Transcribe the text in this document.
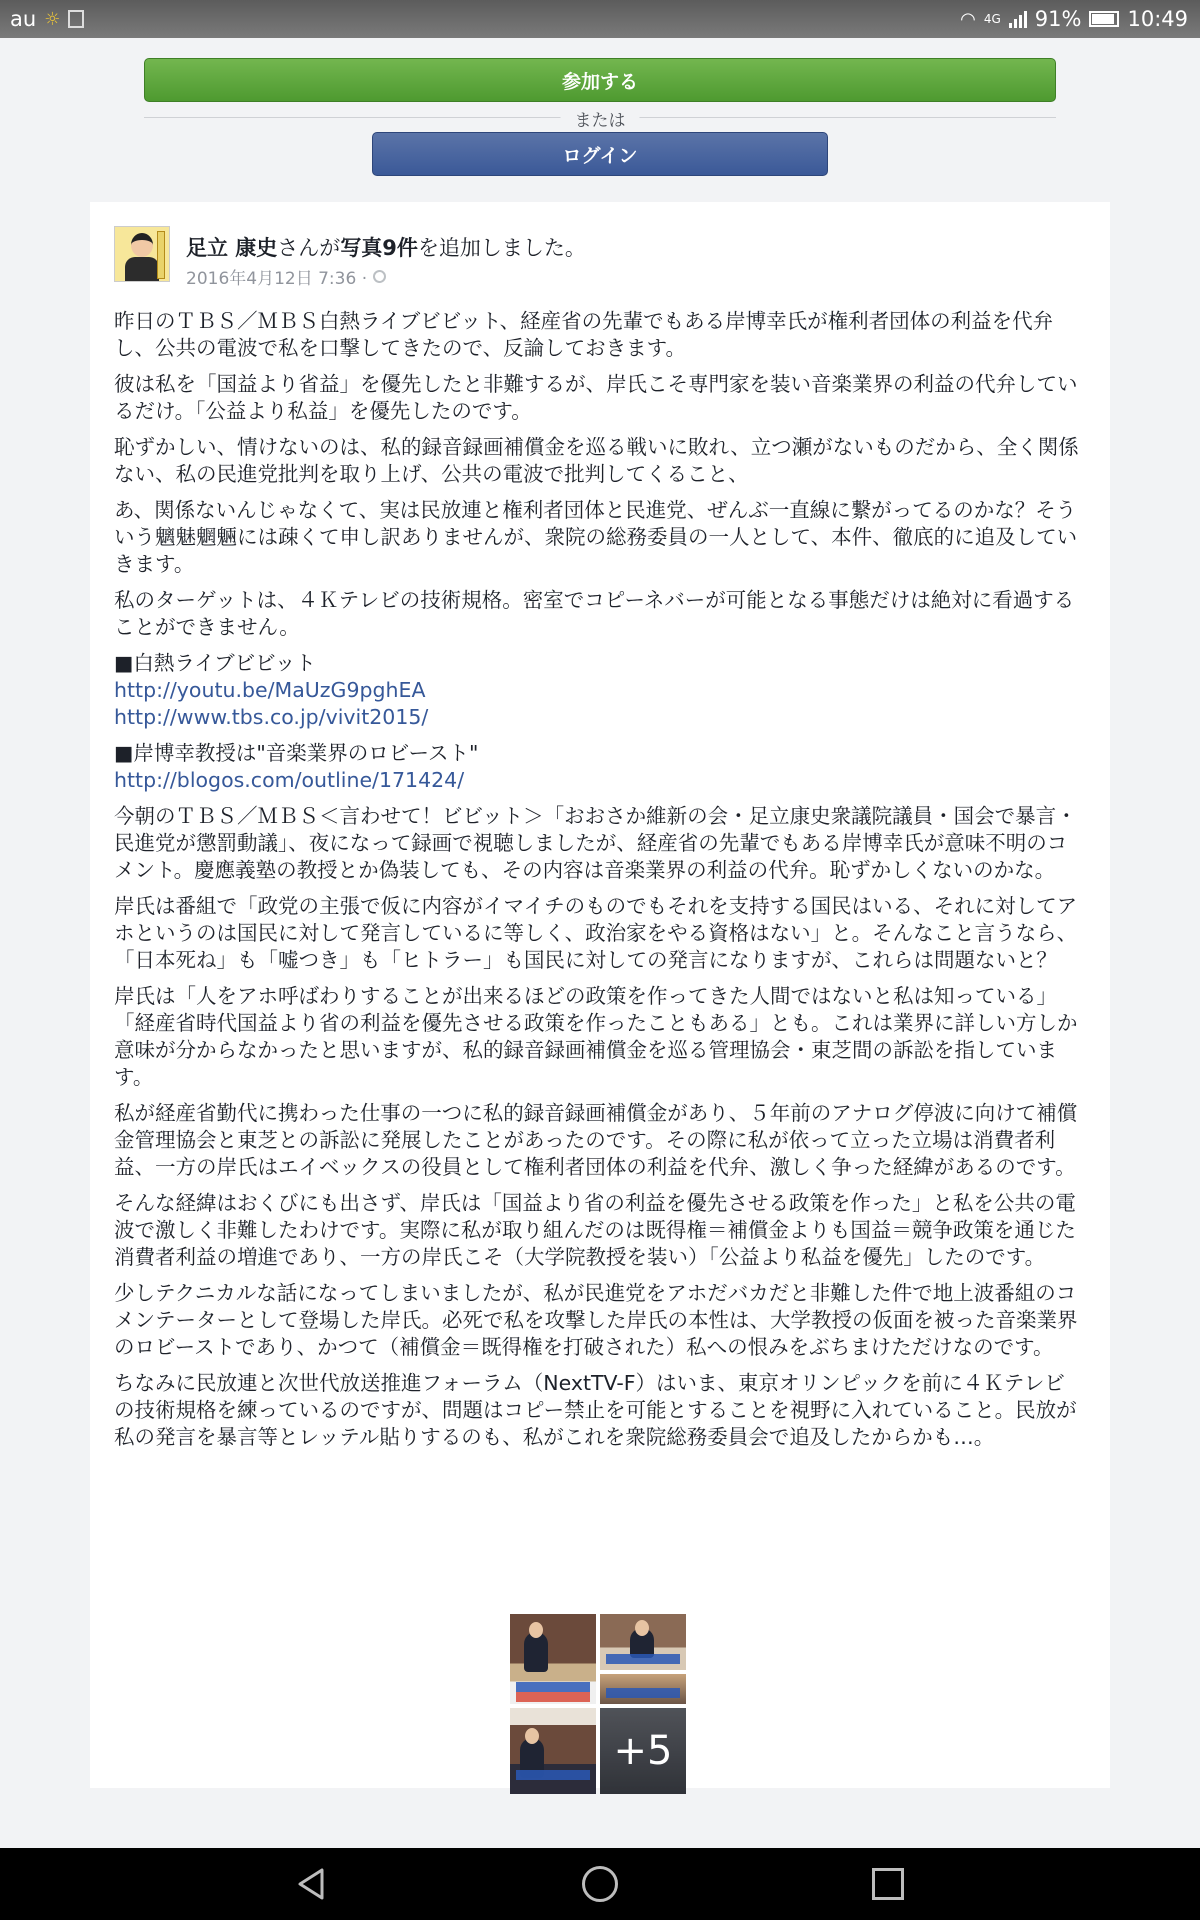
au ☼	◠ 4G 91% 10:49
参加する
または
ログイン
足立 康史さんが写真9件を追加しました。
2016年4月12日 7:36 ·

昨日のＴＢＳ／ＭＢＳ白熱ライブビビット、経産省の先輩でもある岸博幸氏が権利者団体の利益を代弁し、公共の電波で私を口撃してきたので、反論しておきます。

彼は私を「国益より省益」を優先したと非難するが、岸氏こそ専門家を装い音楽業界の利益の代弁しているだけ。「公益より私益」を優先したのです。

恥ずかしい、情けないのは、私的録音録画補償金を巡る戦いに敗れ、立つ瀬がないものだから、全く関係ない、私の民進党批判を取り上げ、公共の電波で批判してくること、

あ、関係ないんじゃなくて、実は民放連と権利者団体と民進党、ぜんぶ一直線に繋がってるのかな？そういう魑魅魍魎には疎くて申し訳ありませんが、衆院の総務委員の一人として、本件、徹底的に追及していきます。

私のターゲットは、４Ｋテレビの技術規格。密室でコピーネバーが可能となる事態だけは絶対に看過することができません。

■白熱ライブビビット

http://youtu.be/MaUzG9pghEA
http://www.tbs.co.jp/vivit2015/

■岸博幸教授は"音楽業界のロビースト"

http://blogos.com/outline/171424/

今朝のＴＢＳ／ＭＢＳ＜言わせて！ビビット＞「おおさか維新の会・足立康史衆議院議員・国会で暴言・民進党が懲罰動議」、夜になって録画で視聴しましたが、経産省の先輩でもある岸博幸氏が意味不明のコメント。慶應義塾の教授とか偽装しても、その内容は音楽業界の利益の代弁。恥ずかしくないのかな。

岸氏は番組で「政党の主張で仮に内容がイマイチのものでもそれを支持する国民はいる、それに対してアホというのは国民に対して発言しているに等しく、政治家をやる資格はない」と。そんなこと言うなら、「日本死ね」も「嘘つき」も「ヒトラー」も国民に対しての発言になりますが、これらは問題ないと？

岸氏は「人をアホ呼ばわりすることが出来るほどの政策を作ってきた人間ではないと私は知っている」「経産省時代国益より省の利益を優先させる政策を作ったこともある」とも。これは業界に詳しい方しか意味が分からなかったと思いますが、私的録音録画補償金を巡る管理協会・東芝間の訴訟を指しています。

私が経産省勤代に携わった仕事の一つに私的録音録画補償金があり、５年前のアナログ停波に向けて補償金管理協会と東芝との訴訟に発展したことがあったのです。その際に私が依って立った立場は消費者利益、一方の岸氏はエイベックスの役員として権利者団体の利益を代弁、激しく争った経緯があるのです。

そんな経緯はおくびにも出さず、岸氏は「国益より省の利益を優先させる政策を作った」と私を公共の電波で激しく非難したわけです。実際に私が取り組んだのは既得権＝補償金よりも国益＝競争政策を通じた消費者利益の増進であり、一方の岸氏こそ（大学院教授を装い）「公益より私益を優先」したのです。

少しテクニカルな話になってしまいましたが、私が民進党をアホだバカだと非難した件で地上波番組のコメンテーターとして登場した岸氏。必死で私を攻撃した岸氏の本性は、大学教授の仮面を被った音楽業界のロビーストであり、かつて（補償金＝既得権を打破された）私への恨みをぶちまけただけなのです。

ちなみに民放連と次世代放送推進フォーラム（NextTV-F）はいま、東京オリンピックを前に４Ｋテレビの技術規格を練っているのですが、問題はコピー禁止を可能とすることを視野に入れていること。民放が私の発言を暴言等とレッテル貼りするのも、私がこれを衆院総務委員会で追及したからかも…。

+5
